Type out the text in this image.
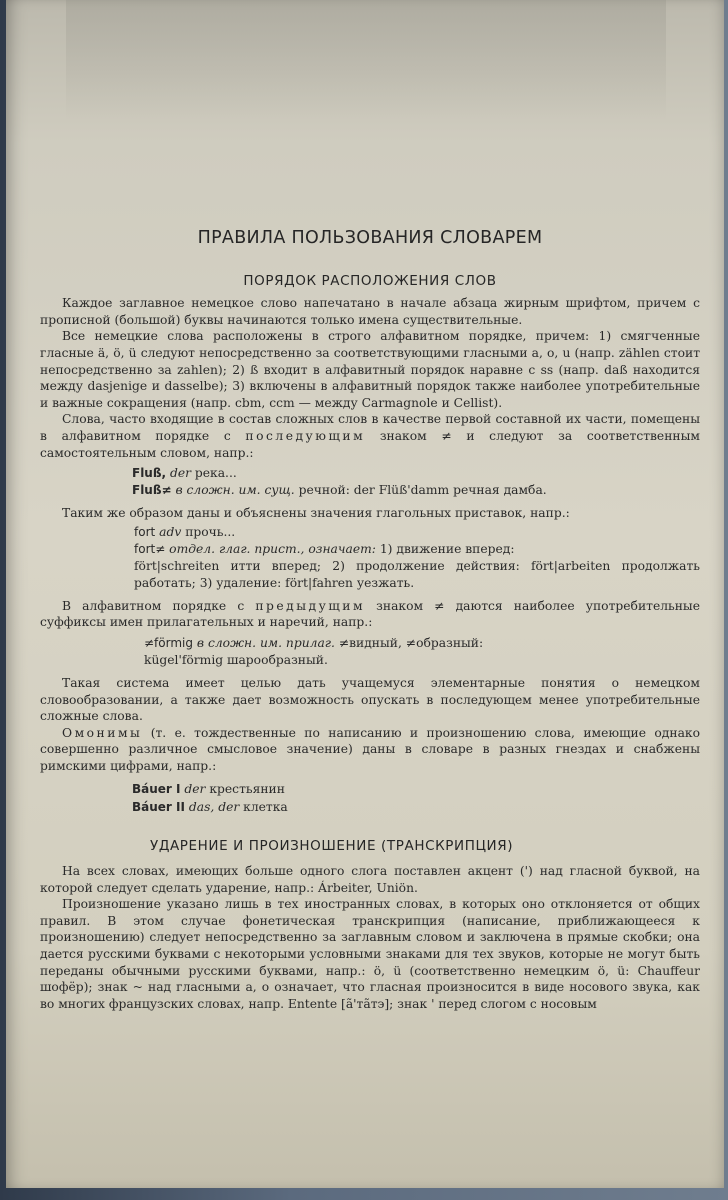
ПРАВИЛА ПОЛЬЗОВАНИЯ СЛОВАРЕМ
ПОРЯДОК РАСПОЛОЖЕНИЯ СЛОВ

Каждое заглавное немецкое слово напечатано в начале абзаца жирным шрифтом, причем с прописной (большой) буквы начинаются только имена существительные.

Все немецкие слова расположены в строго алфавитном порядке, причем: 1) смягченные гласные ä, ö, ü следуют непосредственно за соответствующими гласными a, o, u (напр. zählen стоит непосредственно за zahlen); 2) ß входит в алфавитный порядок наравне с ss (напр. daß находится между dasjenige и dasselbe); 3) включены в алфавитный порядок также наиболее употребительные и важные сокращения (напр. cbm, ccm — между Carmagnole и Cellist).

Слова, часто входящие в состав сложных слов в качестве первой составной их части, помещены в алфавитном порядке с последующим знаком ≠ и следуют за соответственным самостоятельным словом, напр.:

Fluß, der река...
Fluß≠ в сложн. им. сущ. речной: der Flüß'damm речная дамба.

Таким же образом даны и объяснены значения глагольных приставок, напр.:

fort adv прочь...
fort≠ отдел. глаг. прист., означает: 1) движение вперед:
fört|schreiten итти вперед; 2) продолжение действия: fört|arbeiten продолжать работать; 3) удаление: fört|fahren уезжать.

В алфавитном порядке с предыдущим знаком ≠ даются наиболее употребительные суффиксы имен прилагательных и наречий, напр.:

≠förmig в сложн. им. прилаг. ≠видный, ≠образный:
kügel'förmig шарообразный.

Такая система имеет целью дать учащемуся элементарные понятия о немецком словообразовании, а также дает возможность опускать в последующем менее употребительные сложные слова.

Омонимы (т. е. тождественные по написанию и произношению слова, имеющие однако совершенно различное смысловое значение) даны в словаре в разных гнездах и снабжены римскими цифрами, напр.:

Báuer I der крестьянин
Báuer II das, der клетка
УДАРЕНИЕ И ПРОИЗНОШЕНИЕ (ТРАНСКРИПЦИЯ)

На всех словах, имеющих больше одного слога поставлен акцент (') над гласной буквой, на которой следует сделать ударение, напр.: Árbeiter, Uniön.

Произношение указано лишь в тех иностранных словах, в которых оно отклоняется от общих правил. В этом случае фонетическая транскрипция (написание, приближающееся к произношению) следует непосредственно за заглавным словом и заключена в прямые скобки; она дается русскими буквами с некоторыми условными знаками для тех звуков, которые не могут быть переданы обычными русскими буквами, напр.: ö, ü (соответственно немецким ö, ü: Chauffeur шофёр); знак ~ над гласными а, о означает, что гласная произносится в виде носового звука, как во многих французских словах, напр. Entente [ã'тãтэ]; знак ' перед слогом с носовым
